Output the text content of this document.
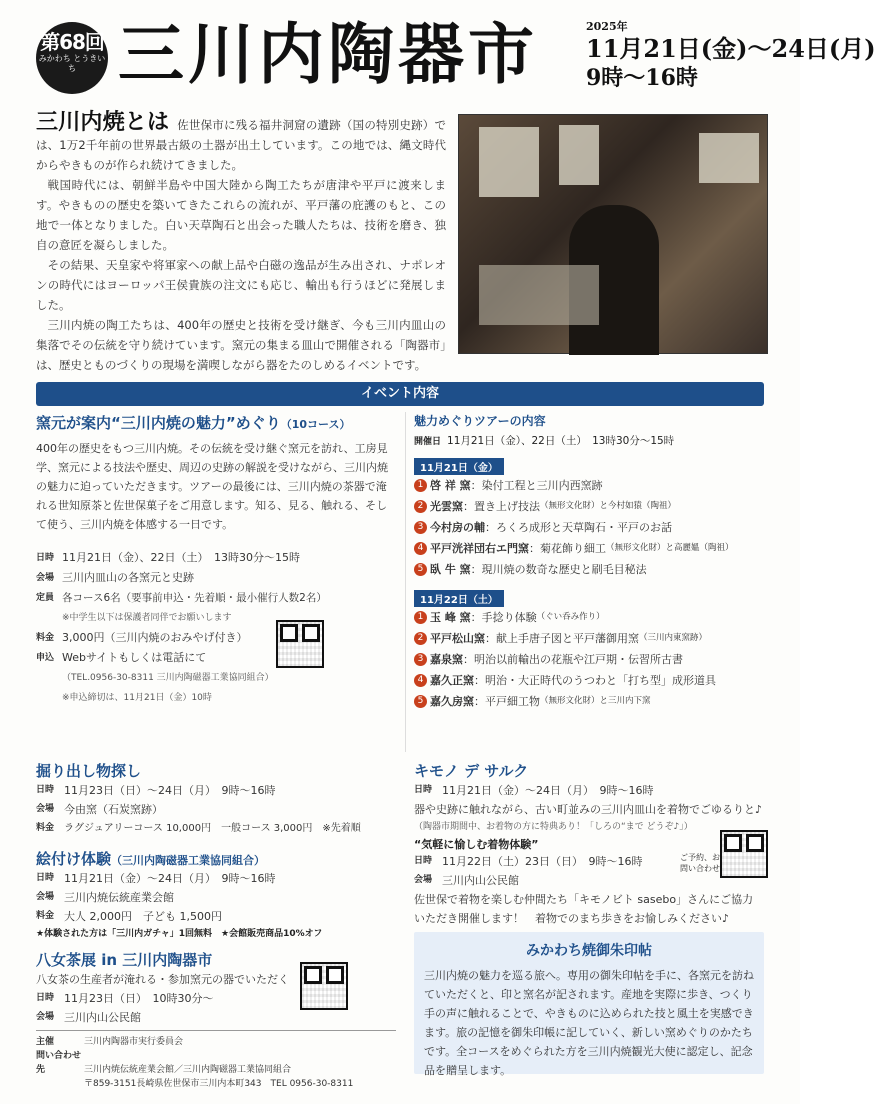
第68回
みかわち とうきいち 三川内陶器市	2025年
11月21日(金)〜24日(月)
9時〜16時

三川内焼とは 佐世保市に残る福井洞窟の遺跡（国の特別史跡）では、1万2千年前の世界最古級の土器が出土しています。この地では、縄文時代からやきものが作られ続けてきました。

戦国時代には、朝鮮半島や中国大陸から陶工たちが唐津や平戸に渡来します。やきものの歴史を築いてきたこれらの流れが、平戸藩の庇護のもと、この地で一体となりました。白い天草陶石と出会った職人たちは、技術を磨き、独自の意匠を凝らしました。

その結果、天皇家や将軍家への献上品や白磁の逸品が生み出され、ナポレオンの時代にはヨーロッパ王侯貴族の注文にも応じ、輸出も行うほどに発展しました。

三川内焼の陶工たちは、400年の歴史と技術を受け継ぎ、今も三川内皿山の集落でその伝統を守り続けています。窯元の集まる皿山で開催される「陶器市」は、歴史とものづくりの現場を満喫しながら器をたのしめるイベントです。

イベント内容
窯元が案内“三川内焼の魅力”めぐり（10コース）
400年の歴史をもつ三川内焼。その伝統を受け継ぐ窯元を訪れ、工房見学、窯元による技法や歴史、周辺の史跡の解説を受けながら、三川内焼の魅力に迫っていただきます。ツアーの最後には、三川内焼の茶器で淹れる世知原茶と佐世保菓子をご用意します。知る、見る、触れる、そして使う、三川内焼を体感する一日です。
日時 11月21日（金）、22日（土）　13時30分〜15時
会場 三川内皿山の各窯元と史跡
定員 各コース6名（要事前申込・先着順・最小催行人数2名）
※中学生以下は保護者同伴でお願いします
料金 3,000円（三川内焼のおみやげ付き）
申込 Webサイトもしくは電話にて
（TEL.0956-30-8311 三川内陶磁器工業協同組合）
※申込締切は、11月21日（金）10時
魅力めぐりツアーの内容
開催日 11月21日（金）、22日（土）　13時30分〜15時
11月21日（金）
1 啓 祥 窯 ：染付工程と三川内西窯跡
2 光雲窯 ：置き上げ技法 （無形文化財） と今村如猿（陶祖）
3 今村房の輔 ：ろくろ成形と天草陶石・平戸のお話
4 平戸洸祥団右エ門窯 ：菊花飾り細工 （無形文化財） と高麗媼（陶祖）
5 臥 牛 窯 ：現川焼の数奇な歴史と刷毛目秘法
11月22日（土）
1 玉 峰 窯 ：手捻り体験 （ぐい呑み作り）
2 平戸松山窯 ：献上手唐子図と平戸藩御用窯 （三川内東窯跡）
3 嘉泉窯 ：明治以前輸出の花瓶や江戸期・伝習所古書
4 嘉久正窯 ：明治・大正時代のうつわと「打ち型」成形道具
5 嘉久房窯 ：平戸細工物 （無形文化財） と三川内下窯
掘り出し物探し
日時 11月23日（日）〜24日（月）　9時〜16時
会場 今由窯（石炭窯跡）
料金 ラグジュアリーコース 10,000円　一般コース 3,000円　※先着順
絵付け体験（三川内陶磁器工業協同組合）
日時 11月21日（金）〜24日（月）　9時〜16時
会場 三川内焼伝統産業会館
料金 大人 2,000円　子ども 1,500円
★体験された方は「三川内ガチャ」1回無料　★会館販売商品10%オフ
八女茶展 in 三川内陶器市
八女茶の生産者が淹れる・参加窯元の器でいただく
日時 11月23日（日）　10時30分〜
会場 三川内山公民館
キモノ デ サルク
日時 11月21日（金）〜24日（月）　9時〜16時
器や史跡に触れながら、古い町並みの三川内皿山を着物でごゆるりと♪
（陶器市期間中、お着物の方に特典あり！「しろの“まで どうぞ♪」）
“気軽に愉しむ着物体験”
日時 11月22日（土）23日（日）　9時〜16時
会場 三川内山公民館
佐世保で着物を楽しむ仲間たち「キモノビト sasebo」さんにご協力いただき開催します！　着物でのまち歩きをお愉しみください♪
ご予約、お問い合わせ
みかわち焼御朱印帖
三川内焼の魅力を巡る旅へ。専用の御朱印帖を手に、各窯元を訪ねていただくと、印と窯名が記されます。産地を実際に歩き、つくり手の声に触れることで、やきものに込められた技と風土を実感できます。旅の記憶を御朱印帳に記していく、新しい窯めぐりのかたちです。全コースをめぐられた方を三川内焼観光大使に認定し、記念品を贈呈します。
主催	三川内陶器市実行委員会
問い合わせ先	三川内焼伝統産業会館／三川内陶磁器工業協同組合
〒859-3151長崎県佐世保市三川内本町343　TEL 0956-30-8311
